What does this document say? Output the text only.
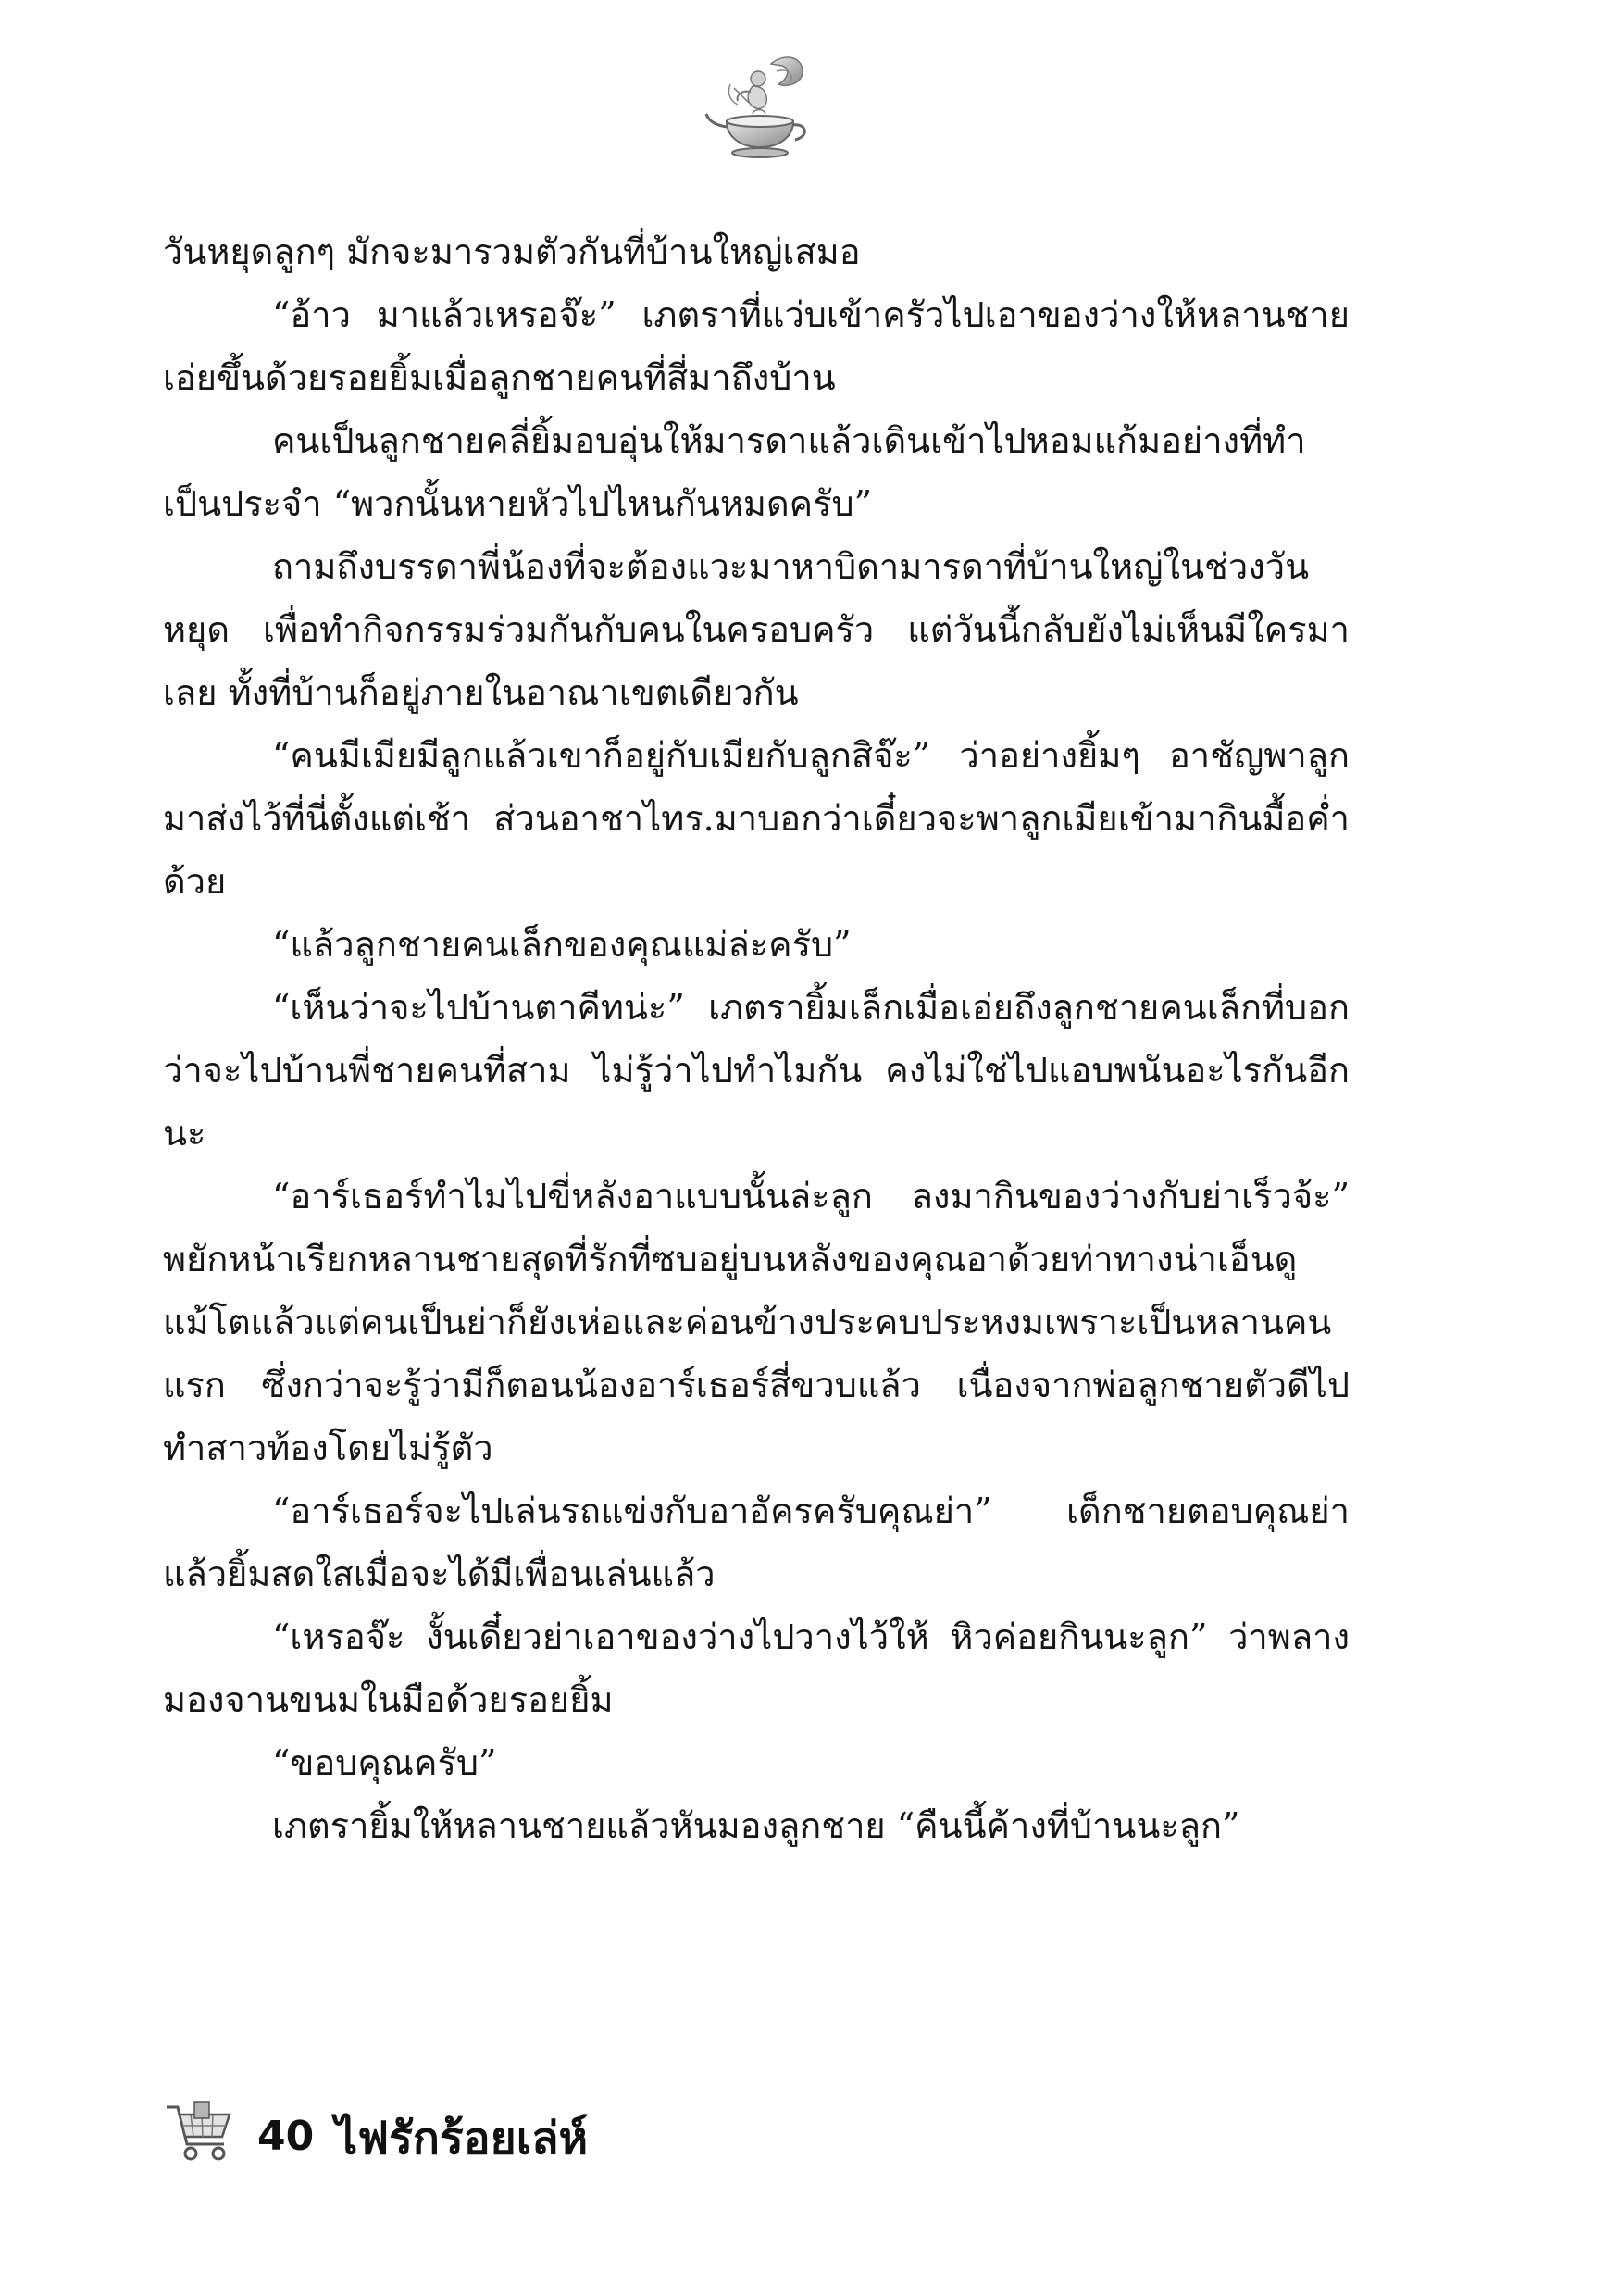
วันหยุดลูกๆ มักจะมารวมตัวกันที่บ้านใหญ่เสมอ

“อ้าว มาแล้วเหรอจ๊ะ” เภตราที่แว่บเข้าครัวไปเอาของว่างให้หลานชายเอ่ยขึ้นด้วยรอยยิ้มเมื่อลูกชายคนที่สี่มาถึงบ้าน

คนเป็นลูกชายคลี่ยิ้มอบอุ่นให้มารดาแล้วเดินเข้าไปหอมแก้มอย่างที่ทำเป็นประจำ “พวกนั้นหายหัวไปไหนกันหมดครับ”

ถามถึงบรรดาพี่น้องที่จะต้องแวะมาหาบิดามารดาที่บ้านใหญ่ในช่วงวันหยุด เพื่อทำกิจกรรมร่วมกันกับคนในครอบครัว แต่วันนี้กลับยังไม่เห็นมีใครมาเลย ทั้งที่บ้านก็อยู่ภายในอาณาเขตเดียวกัน

“คนมีเมียมีลูกแล้วเขาก็อยู่กับเมียกับลูกสิจ๊ะ” ว่าอย่างยิ้มๆ อาชัญพาลูกมาส่งไว้ที่นี่ตั้งแต่เช้า ส่วนอาชาไทร.มาบอกว่าเดี๋ยวจะพาลูกเมียเข้ามากินมื้อค่ำด้วย

“แล้วลูกชายคนเล็กของคุณแม่ล่ะครับ”

“เห็นว่าจะไปบ้านตาคีทน่ะ” เภตรายิ้มเล็กเมื่อเอ่ยถึงลูกชายคนเล็กที่บอกว่าจะไปบ้านพี่ชายคนที่สาม ไม่รู้ว่าไปทำไมกัน คงไม่ใช่ไปแอบพนันอะไรกันอีกนะ

“อาร์เธอร์ทำไมไปขี่หลังอาแบบนั้นล่ะลูก ลงมากินของว่างกับย่าเร็วจ้ะ” พยักหน้าเรียกหลานชายสุดที่รักที่ซบอยู่บนหลังของคุณอาด้วยท่าทางน่าเอ็นดู แม้โตแล้วแต่คนเป็นย่าก็ยังเห่อและค่อนข้างประคบประหงมเพราะเป็นหลานคนแรก ซึ่งกว่าจะรู้ว่ามีก็ตอนน้องอาร์เธอร์สี่ขวบแล้ว เนื่องจากพ่อลูกชายตัวดีไปทำสาวท้องโดยไม่รู้ตัว

“อาร์เธอร์จะไปเล่นรถแข่งกับอาอัครครับคุณย่า” เด็กชายตอบคุณย่าแล้วยิ้มสดใสเมื่อจะได้มีเพื่อนเล่นแล้ว

“เหรอจ๊ะ งั้นเดี๋ยวย่าเอาของว่างไปวางไว้ให้ หิวค่อยกินนะลูก” ว่าพลางมองจานขนมในมือด้วยรอยยิ้ม

“ขอบคุณครับ”

เภตรายิ้มให้หลานชายแล้วหันมองลูกชาย “คืนนี้ค้างที่บ้านนะลูก”

40 ไฟรักร้อยเล่ห์
